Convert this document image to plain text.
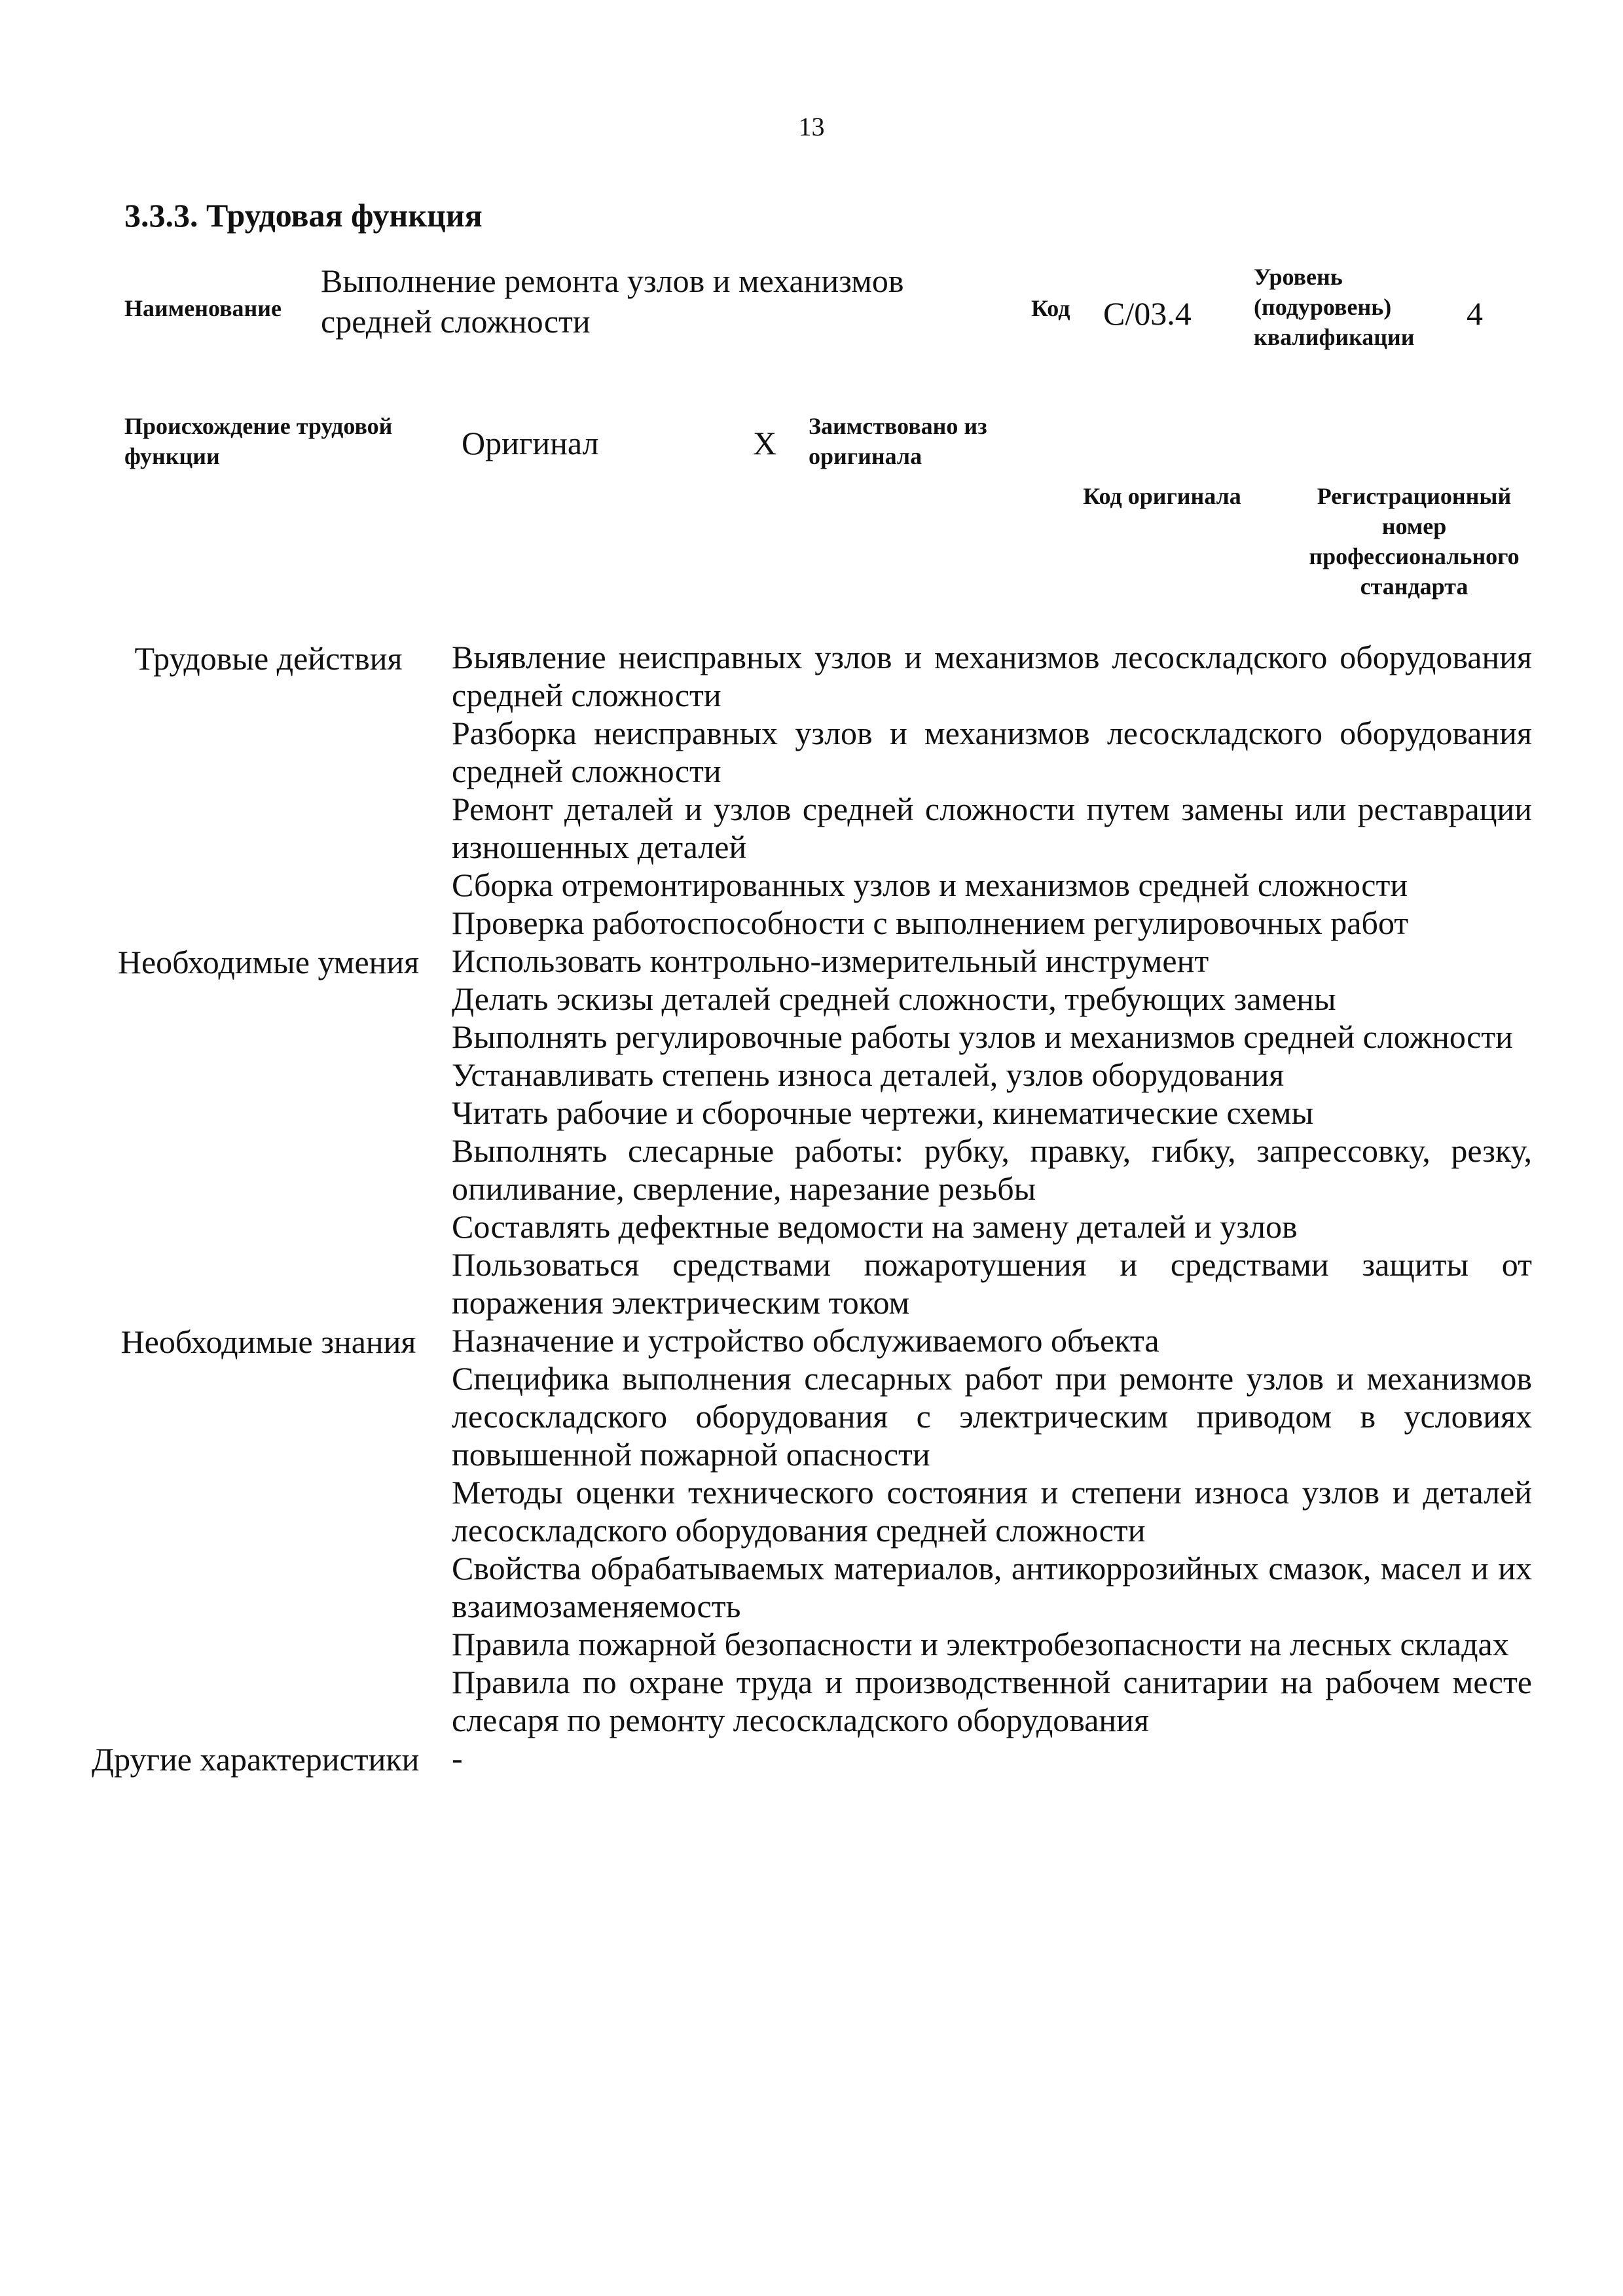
13
3.3.3. Трудовая функция
Наименование
Выполнение ремонта узлов и механизмов средней сложности	Код C/03.4
Уровень (подуровень) квалификации
4
Происхождение трудовой функции	Оригинал	X Заимствовано из оригинала
Код оригинала	Регистрационный номер профессионального стандарта
Трудовые действия	Выявление неисправных узлов и механизмов лесоскладского оборудования средней сложности

	Разборка неисправных узлов и механизмов лесоскладского оборудования средней сложности

	Ремонт деталей и узлов средней сложности путем замены или реставрации изношенных деталей

	Сборка отремонтированных узлов и механизмов средней сложности

	Проверка работоспособности с выполнением регулировочных работ

Необходимые умения	Использовать контрольно-измерительный инструмент

	Делать эскизы деталей средней сложности, требующих замены

	Выполнять регулировочные работы узлов и механизмов средней сложности

	Устанавливать степень износа деталей, узлов оборудования

	Читать рабочие и сборочные чертежи, кинематические схемы

	Выполнять слесарные работы: рубку, правку, гибку, запрессовку, резку, опиливание, сверление, нарезание резьбы

	Составлять дефектные ведомости на замену деталей и узлов

	Пользоваться средствами пожаротушения и средствами защиты от поражения электрическим током

Необходимые знания	Назначение и устройство обслуживаемого объекта

	Специфика выполнения слесарных работ при ремонте узлов и механизмов лесоскладского оборудования с электрическим приводом в условиях повышенной пожарной опасности

	Методы оценки технического состояния и степени износа узлов и деталей лесоскладского оборудования средней сложности

	Свойства обрабатываемых материалов, антикоррозийных смазок, масел и их взаимозаменяемость

	Правила пожарной безопасности и электробезопасности на лесных складах

	Правила по охране труда и производственной санитарии на рабочем месте слесаря по ремонту лесоскладского оборудования

Другие характеристики	-
